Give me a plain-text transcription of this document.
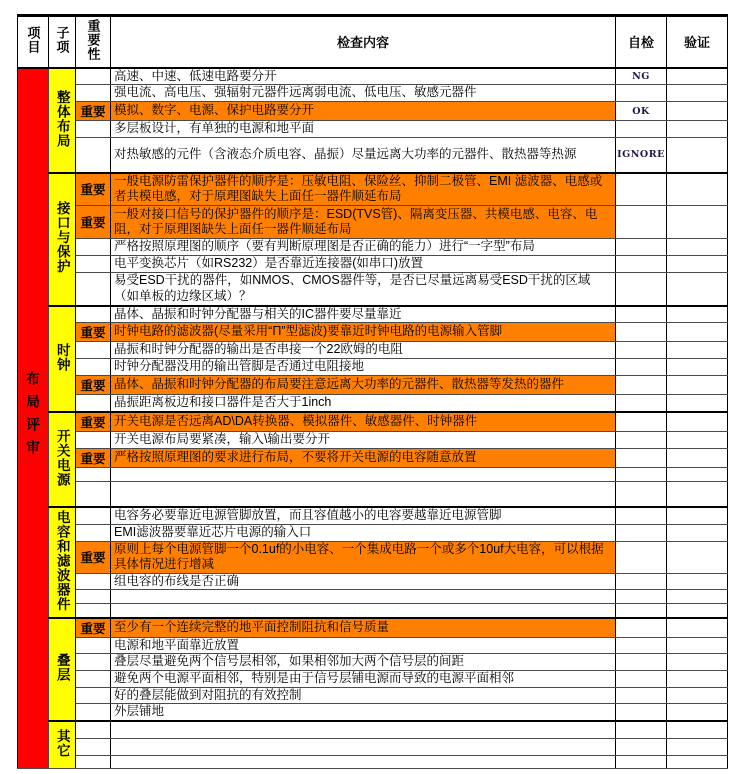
项目	子项	重要性	检查内容	自检	验证
布局评审	整体布局		高速、中速、低速电路要分开	NG	
			强电流、高电压、强辐射元器件远离弱电流、低电压、敏感元器件		
		重要	模拟、数字、电源、保护电路要分开	OK	
			多层板设计，有单独的电源和地平面		
			对热敏感的元件（含液态介质电容、晶振）尽量远离大功率的元器件、散热器等热源	IGNORE	
	接口与保护	重要	一般电源防雷保护器件的顺序是：压敏电阻、保险丝、抑制二极管、EMI 滤波器、电感或者共模电感，对于原理图缺失上面任一器件顺延布局		
		重要	一般对接口信号的保护器件的顺序是：ESD(TVS管)、隔离变压器、共模电感、电容、电阻，对于原理图缺失上面任一器件顺延布局		
			严格按照原理图的顺序（要有判断原理图是否正确的能力）进行“一字型”布局		
			电平变换芯片（如RS232）是否靠近连接器(如串口)放置		
			易受ESD干扰的器件，如NMOS、CMOS器件等，是否已尽量远离易受ESD干扰的区域（如单板的边缘区域）？		
	时钟		晶体、晶振和时钟分配器与相关的IC器件要尽量靠近		
		重要	时钟电路的滤波器(尽量采用“Π”型滤波)要靠近时钟电路的电源输入管脚		
			晶振和时钟分配器的输出是否串接一个22欧姆的电阻		
			时钟分配器没用的输出管脚是否通过电阻接地		
		重要	晶体、晶振和时钟分配器的布局要注意远离大功率的元器件、散热器等发热的器件		
			晶振距离板边和接口器件是否大于1inch		
	开关电源	重要	开关电源是否远离AD\DA转换器、模拟器件、敏感器件、时钟器件		
			开关电源布局要紧凑，输入\输出要分开		
		重要	严格按照原理图的要求进行布局，不要将开关电源的电容随意放置		

	电容和滤波器件		电容务必要靠近电源管脚放置，而且容值越小的电容要越靠近电源管脚		
			EMI滤波器要靠近芯片电源的输入口		
		重要	原则上每个电源管脚一个0.1uf的小电容、一个集成电路一个或多个10uf大电容，可以根据具体情况进行增减		
			组电容的布线是否正确		

	叠层	重要	至少有一个连续完整的地平面控制阻抗和信号质量		
			电源和地平面靠近放置		
			叠层尽量避免两个信号层相邻，如果相邻加大两个信号层的间距		
			避免两个电源平面相邻，特别是由于信号层铺电源而导致的电源平面相邻		
			好的叠层能做到对阻抗的有效控制		
			外层铺地		
	其它				
